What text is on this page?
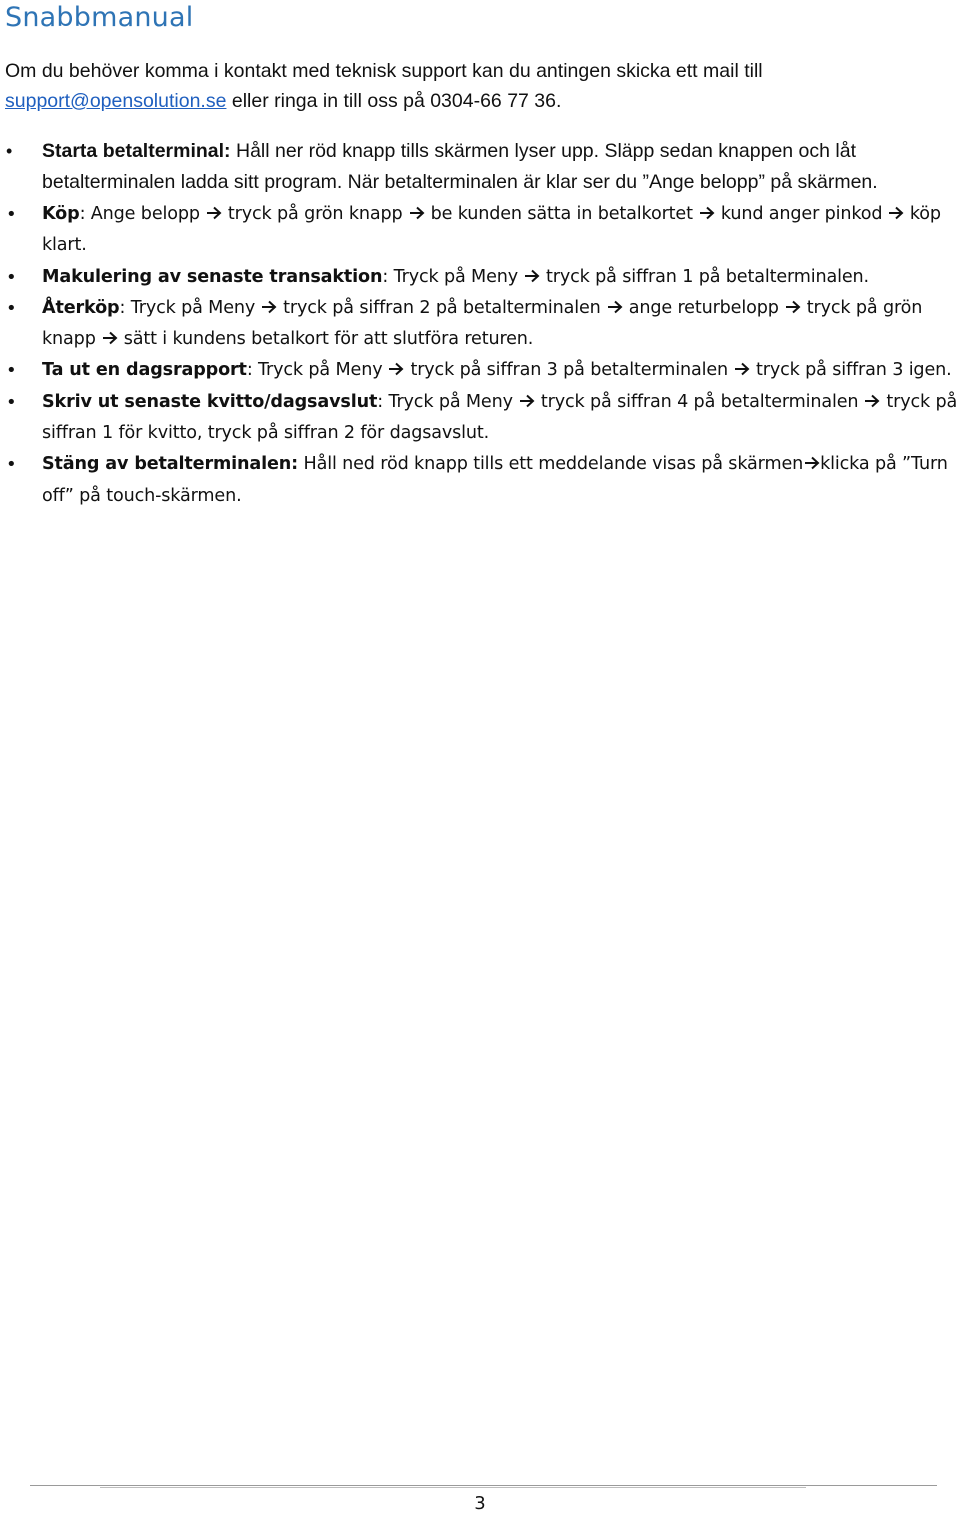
Snabbmanual

Om du behöver komma i kontakt med teknisk support kan du antingen skicka ett mail till support@opensolution.se eller ringa in till oss på 0304-66 77 36.

• Starta betalterminal: Håll ner röd knapp tills skärmen lyser upp. Släpp sedan knappen och låt betalterminalen ladda sitt program. När betalterminalen är klar ser du ”Ange belopp” på skärmen.
• Köp: Ange belopp tryck på grön knapp be kunden sätta in betalkortet kund anger pinkod köp klart.
• Makulering av senaste transaktion: Tryck på Meny tryck på siffran 1 på betalterminalen.
• Återköp: Tryck på Meny tryck på siffran 2 på betalterminalen ange returbelopp tryck på grön knapp sätt i kundens betalkort för att slutföra returen.
• Ta ut en dagsrapport: Tryck på Meny tryck på siffran 3 på betalterminalen tryck på siffran 3 igen.
• Skriv ut senaste kvitto/dagsavslut: Tryck på Meny tryck på siffran 4 på betalterminalen tryck på siffran 1 för kvitto, tryck på siffran 2 för dagsavslut.
• Stäng av betalterminalen: Håll ned röd knapp tills ett meddelande visas på skärmen klicka på ”Turn off” på touch-skärmen.
3
